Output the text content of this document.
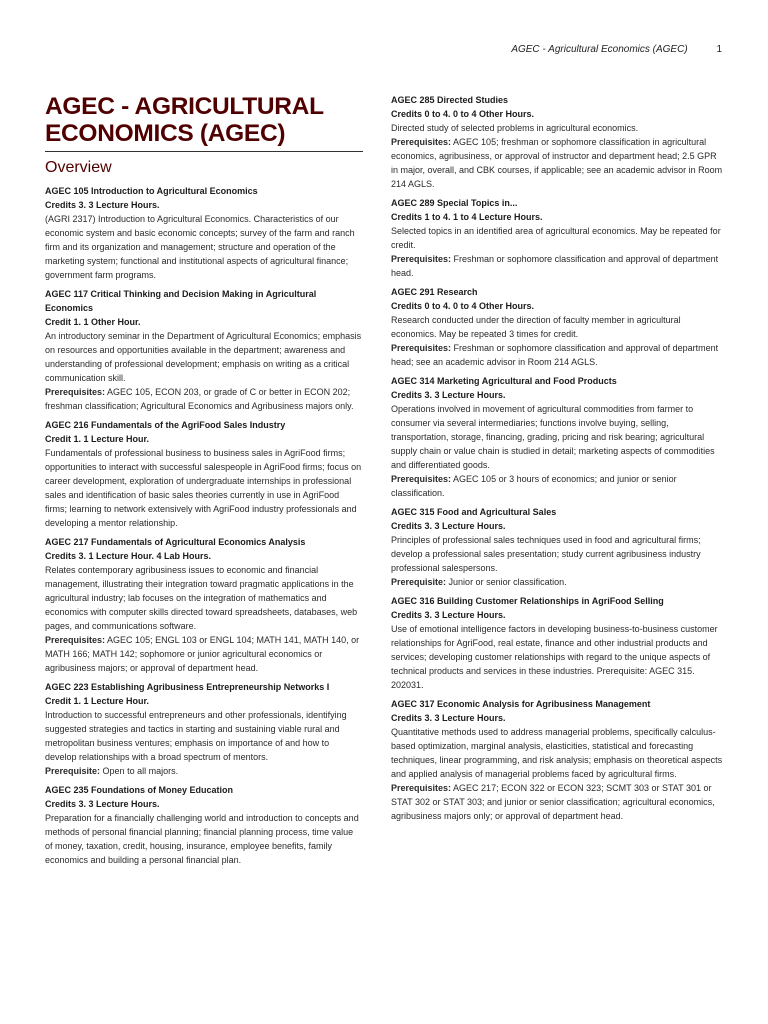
AGEC - Agricultural Economics (AGEC)	1
AGEC - AGRICULTURAL ECONOMICS (AGEC)
Overview
AGEC 105 Introduction to Agricultural Economics
Credits 3. 3 Lecture Hours.
(AGRI 2317) Introduction to Agricultural Economics. Characteristics of our economic system and basic economic concepts; survey of the farm and ranch firm and its organization and management; structure and operation of the marketing system; functional and institutional aspects of agricultural finance; government farm programs.
AGEC 117 Critical Thinking and Decision Making in Agricultural Economics
Credit 1. 1 Other Hour.
An introductory seminar in the Department of Agricultural Economics; emphasis on resources and opportunities available in the department; awareness and understanding of professional development; emphasis on writing as a critical communication skill.
Prerequisites: AGEC 105, ECON 203, or grade of C or better in ECON 202; freshman classification; Agricultural Economics and Agribusiness majors only.
AGEC 216 Fundamentals of the AgriFood Sales Industry
Credit 1. 1 Lecture Hour.
Fundamentals of professional business to business sales in AgriFood firms; opportunities to interact with successful salespeople in AgriFood firms; focus on career development, exploration of undergraduate internships in professional sales and identification of basic sales theories currently in use in AgriFood firms; learning to network extensively with AgriFood industry professionals and developing a mentor relationship.
AGEC 217 Fundamentals of Agricultural Economics Analysis
Credits 3. 1 Lecture Hour. 4 Lab Hours.
Relates contemporary agribusiness issues to economic and financial management, illustrating their integration toward pragmatic applications in the agricultural industry; lab focuses on the integration of mathematics and economics with computer skills directed toward spreadsheets, databases, web pages, and communications software.
Prerequisites: AGEC 105; ENGL 103 or ENGL 104; MATH 141, MATH 140, or MATH 166; MATH 142; sophomore or junior agricultural economics or agribusiness majors; or approval of department head.
AGEC 223 Establishing Agribusiness Entrepreneurship Networks I
Credit 1. 1 Lecture Hour.
Introduction to successful entrepreneurs and other professionals, identifying suggested strategies and tactics in starting and sustaining viable rural and metropolitan business ventures; emphasis on importance of and how to develop relationships with a broad spectrum of mentors.
Prerequisite: Open to all majors.
AGEC 235 Foundations of Money Education
Credits 3. 3 Lecture Hours.
Preparation for a financially challenging world and introduction to concepts and methods of personal financial planning; financial planning process, time value of money, taxation, credit, housing, insurance, employee benefits, family economics and building a personal financial plan.
AGEC 285 Directed Studies
Credits 0 to 4. 0 to 4 Other Hours.
Directed study of selected problems in agricultural economics.
Prerequisites: AGEC 105; freshman or sophomore classification in agricultural economics, agribusiness, or approval of instructor and department head; 2.5 GPR in major, overall, and CBK courses, if applicable; see an academic advisor in Room 214 AGLS.
AGEC 289 Special Topics in...
Credits 1 to 4. 1 to 4 Lecture Hours.
Selected topics in an identified area of agricultural economics. May be repeated for credit.
Prerequisites: Freshman or sophomore classification and approval of department head.
AGEC 291 Research
Credits 0 to 4. 0 to 4 Other Hours.
Research conducted under the direction of faculty member in agricultural economics. May be repeated 3 times for credit.
Prerequisites: Freshman or sophomore classification and approval of department head; see an academic advisor in Room 214 AGLS.
AGEC 314 Marketing Agricultural and Food Products
Credits 3. 3 Lecture Hours.
Operations involved in movement of agricultural commodities from farmer to consumer via several intermediaries; functions involve buying, selling, transportation, storage, financing, grading, pricing and risk bearing; agricultural supply chain or value chain is studied in detail; marketing aspects of commodities and differentiated goods.
Prerequisites: AGEC 105 or 3 hours of economics; and junior or senior classification.
AGEC 315 Food and Agricultural Sales
Credits 3. 3 Lecture Hours.
Principles of professional sales techniques used in food and agricultural firms; develop a professional sales presentation; study current agribusiness industry professional salespersons.
Prerequisite: Junior or senior classification.
AGEC 316 Building Customer Relationships in AgriFood Selling
Credits 3. 3 Lecture Hours.
Use of emotional intelligence factors in developing business-to-business customer relationships for AgriFood, real estate, finance and other industrial products and services; developing customer relationships with regard to the unique aspects of technical products and services in these industries. Prerequisite: AGEC 315. 202031.
AGEC 317 Economic Analysis for Agribusiness Management
Credits 3. 3 Lecture Hours.
Quantitative methods used to address managerial problems, specifically calculus-based optimization, marginal analysis, elasticities, statistical and forecasting techniques, linear programming, and risk analysis; emphasis on theoretical aspects and applied analysis of managerial problems faced by agricultural firms.
Prerequisites: AGEC 217; ECON 322 or ECON 323; SCMT 303 or STAT 301 or STAT 302 or STAT 303; and junior or senior classification; agricultural economics, agribusiness majors only; or approval of department head.
